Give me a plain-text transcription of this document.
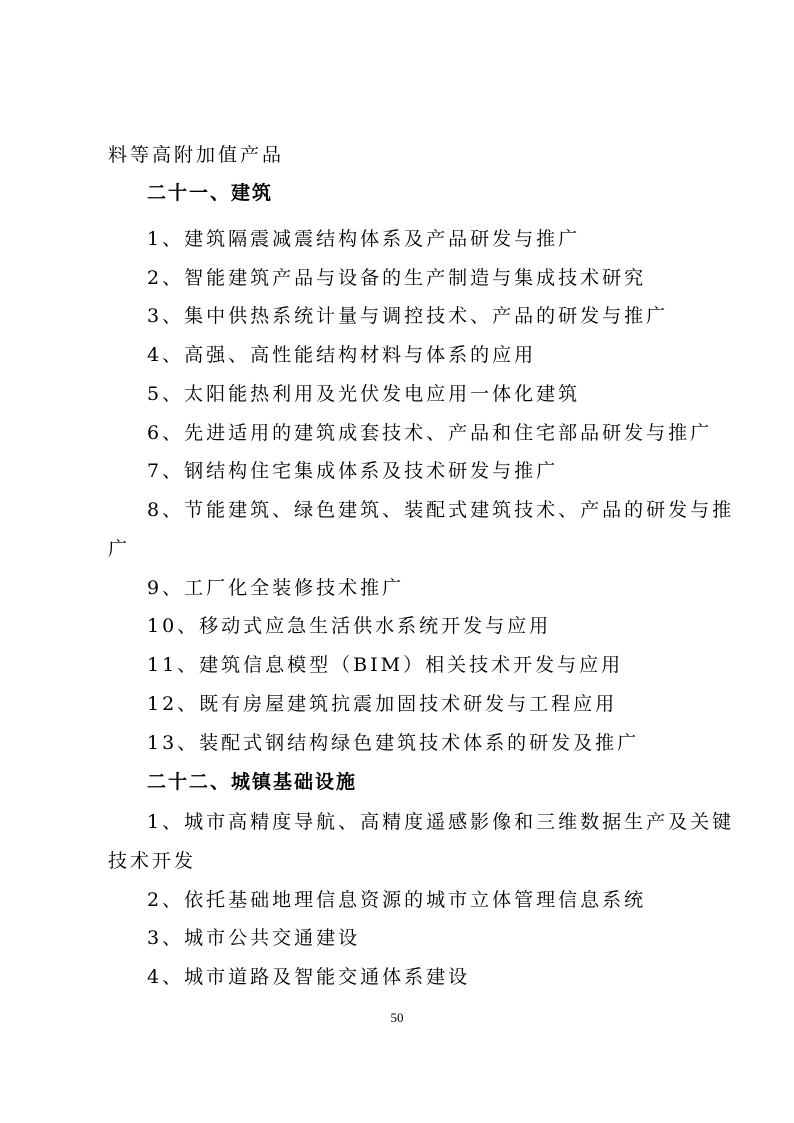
料等高附加值产品
二十一、建筑
1、建筑隔震减震结构体系及产品研发与推广
2、智能建筑产品与设备的生产制造与集成技术研究
3、集中供热系统计量与调控技术、产品的研发与推广
4、高强、高性能结构材料与体系的应用
5、太阳能热利用及光伏发电应用一体化建筑
6、先进适用的建筑成套技术、产品和住宅部品研发与推广
7、钢结构住宅集成体系及技术研发与推广
8、节能建筑、绿色建筑、装配式建筑技术、产品的研发与推
广
9、工厂化全装修技术推广
10、移动式应急生活供水系统开发与应用
11、建筑信息模型（BIM）相关技术开发与应用
12、既有房屋建筑抗震加固技术研发与工程应用
13、装配式钢结构绿色建筑技术体系的研发及推广
二十二、城镇基础设施
1、城市高精度导航、高精度遥感影像和三维数据生产及关键
技术开发
2、依托基础地理信息资源的城市立体管理信息系统
3、城市公共交通建设
4、城市道路及智能交通体系建设
50
